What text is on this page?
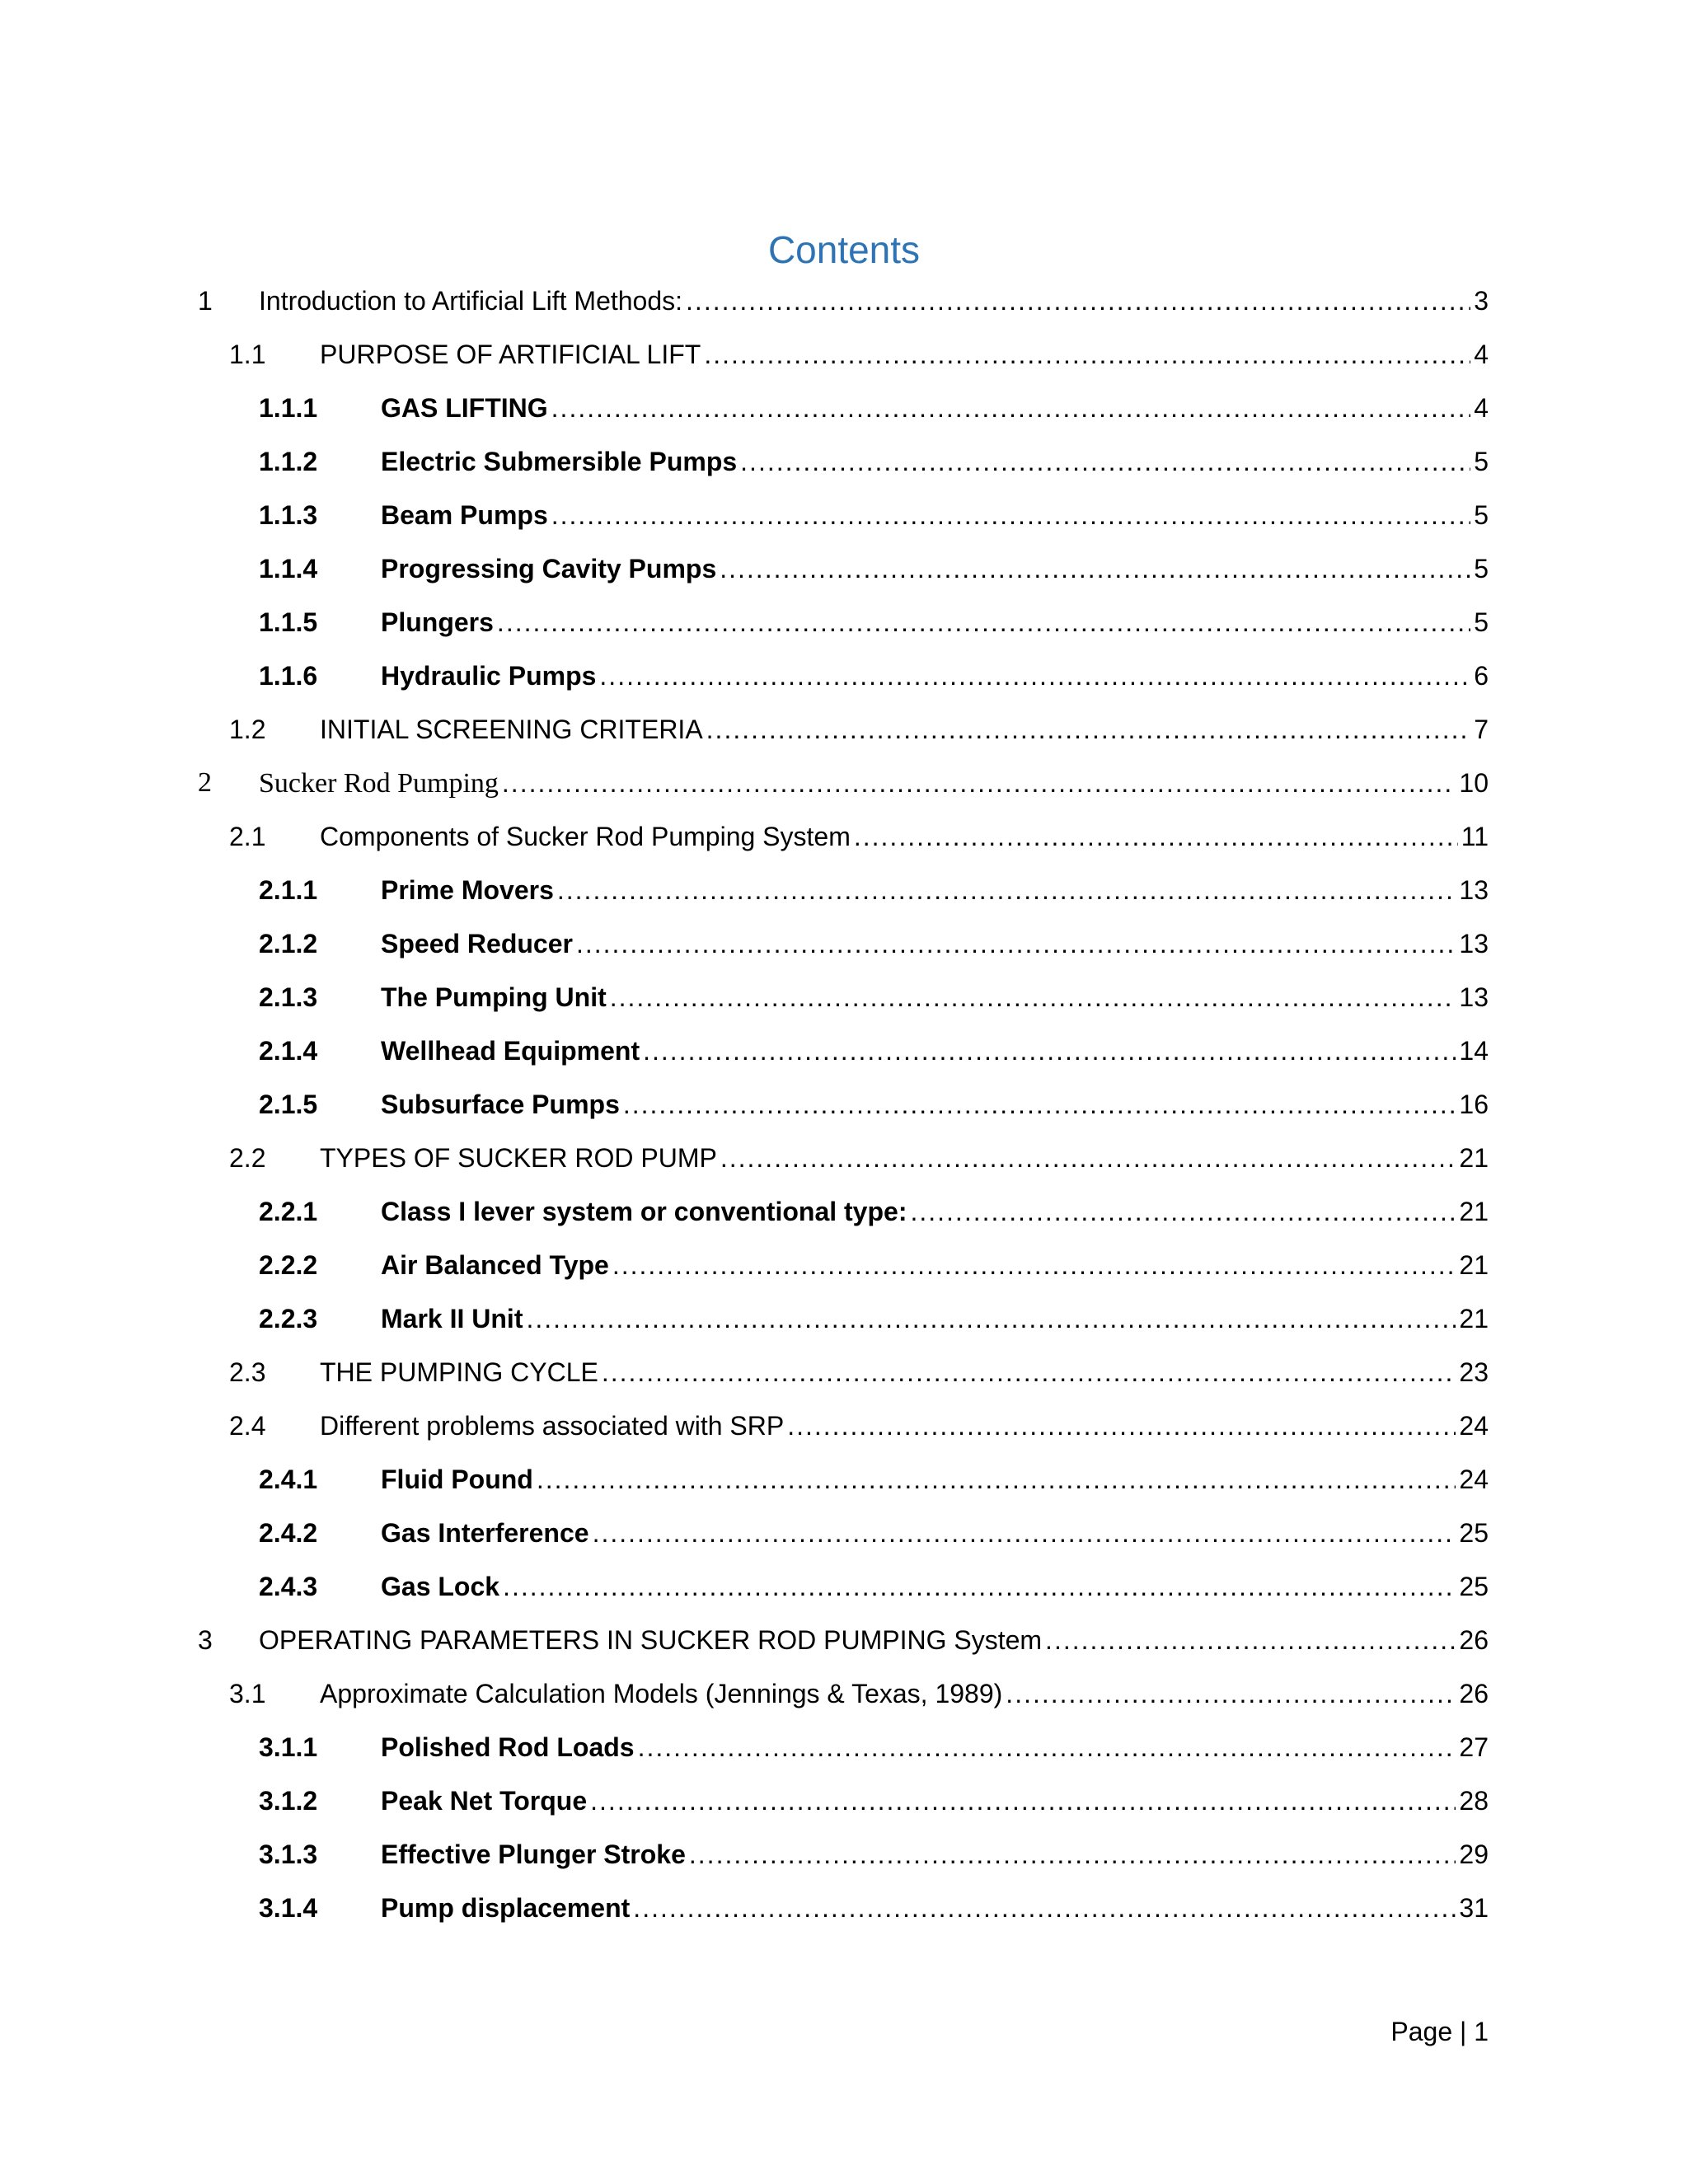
Contents
1 Introduction to Artificial Lift Methods: .....	3
1.1 PURPOSE OF ARTIFICIAL LIFT .....	4
1.1.1 GAS LIFTING .....	4
1.1.2 Electric Submersible Pumps .....	5
1.1.3 Beam Pumps .....	5
1.1.4 Progressing Cavity Pumps .....	5
1.1.5 Plungers .....	5
1.1.6 Hydraulic Pumps .....	6
1.2 INITIAL SCREENING CRITERIA .....	7
2 Sucker Rod Pumping .....	10
2.1 Components of Sucker Rod Pumping System .....	11
2.1.1 Prime Movers .....	13
2.1.2 Speed Reducer .....	13
2.1.3 The Pumping Unit .....	13
2.1.4 Wellhead Equipment .....	14
2.1.5 Subsurface Pumps .....	16
2.2 TYPES OF SUCKER ROD PUMP .....	21
2.2.1 Class I lever system or conventional type: .....	21
2.2.2 Air Balanced Type .....	21
2.2.3 Mark II Unit .....	21
2.3 THE PUMPING CYCLE .....	23
2.4 Different problems associated with SRP .....	24
2.4.1 Fluid Pound .....	24
2.4.2 Gas Interference .....	25
2.4.3 Gas Lock .....	25
3 OPERATING PARAMETERS IN SUCKER ROD PUMPING System .....	26
3.1 Approximate Calculation Models (Jennings & Texas, 1989) .....	26
3.1.1 Polished Rod Loads .....	27
3.1.2 Peak Net Torque .....	28
3.1.3 Effective Plunger Stroke .....	29
3.1.4 Pump displacement .....	31
Page | 1
